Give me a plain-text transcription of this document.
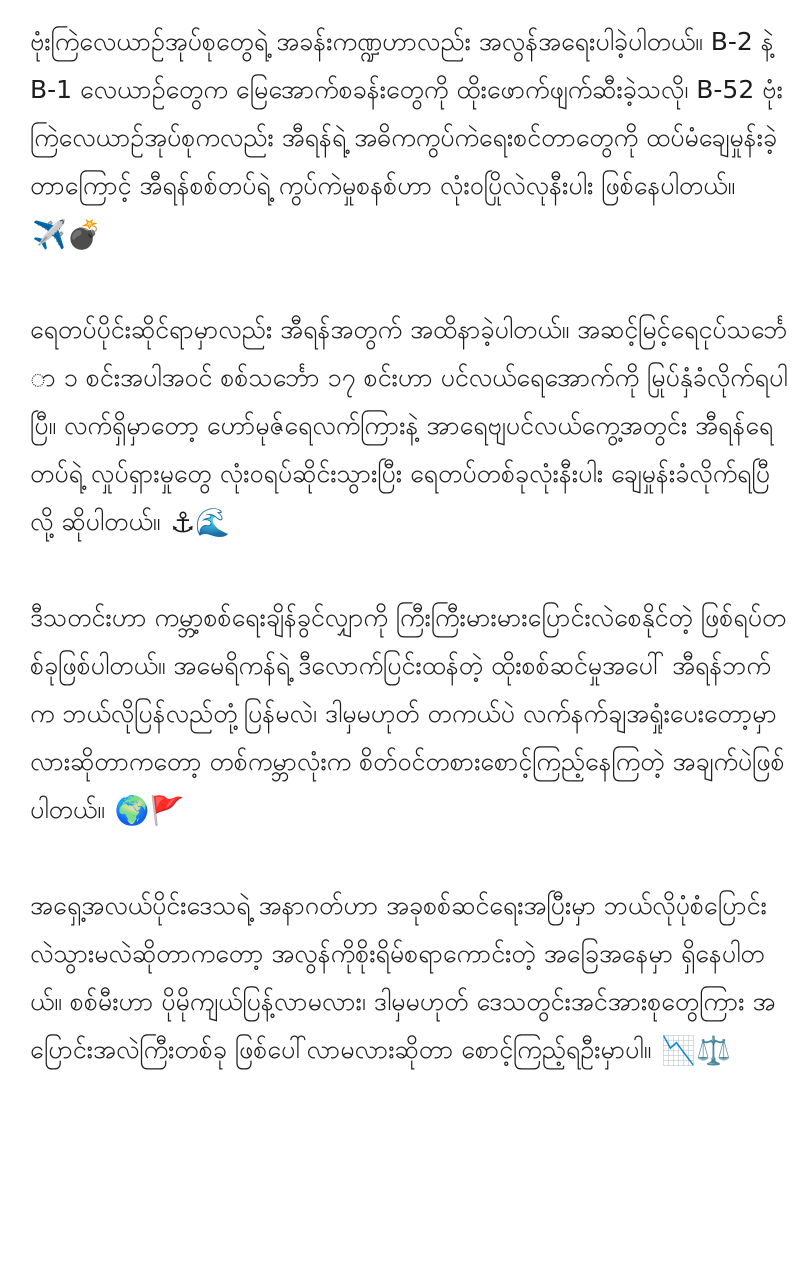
ဗုံးကြဲလေယာဉ်အုပ်စုတွေရဲ့ အခန်းကဏ္ဍဟာလည်း အလွန်အရေးပါခဲ့ပါတယ်။ B-2 နဲ့ B-1 လေယာဉ်တွေက မြေအောက်စခန်းတွေကို ထိုးဖောက်ဖျက်ဆီးခဲ့သလို၊ B-52 ဗုံးကြဲလေယာဉ်အုပ်စုကလည်း အီရန်ရဲ့ အဓိကကွပ်ကဲရေးစင်တာတွေကို ထပ်မံချေမှုန်းခဲ့တာကြောင့် အီရန်စစ်တပ်ရဲ့ ကွပ်ကဲမှုစနစ်ဟာ လုံးဝပြိုလဲလုနီးပါး ဖြစ်နေပါတယ်။ ✈️💣

ရေတပ်ပိုင်းဆိုင်ရာမှာလည်း အီရန်အတွက် အထိနာခဲ့ပါတယ်။ အဆင့်မြင့်ရေငုပ်သင်္ဘော ၁ စင်းအပါအဝင် စစ်သင်္ဘော ၁၇ စင်းဟာ ပင်လယ်ရေအောက်ကို မြုပ်နှံခံလိုက်ရပါပြီ။ လက်ရှိမှာတော့ ဟော်မုဇ်ရေလက်ကြားနဲ့ အာရေဗျပင်လယ်ကွေ့အတွင်း အီရန်ရေတပ်ရဲ့ လှုပ်ရှားမှုတွေ လုံးဝရပ်ဆိုင်းသွားပြီး ရေတပ်တစ်ခုလုံးနီးပါး ချေမှုန်းခံလိုက်ရပြီလို့ ဆိုပါတယ်။ ⚓🌊

ဒီသတင်းဟာ ကမ္ဘာ့စစ်ရေးချိန်ခွင်လျှာကို ကြီးကြီးမားမားပြောင်းလဲစေနိုင်တဲ့ ဖြစ်ရပ်တစ်ခုဖြစ်ပါတယ်။ အမေရိကန်ရဲ့ ဒီလောက်ပြင်းထန်တဲ့ ထိုးစစ်ဆင်မှုအပေါ် အီရန်ဘက်က ဘယ်လိုပြန်လည်တုံ့ပြန်မလဲ၊ ဒါမှမဟုတ် တကယ်ပဲ လက်နက်ချအရှုံးပေးတော့မှာလားဆိုတာကတော့ တစ်ကမ္ဘာလုံးက စိတ်ဝင်တစားစောင့်ကြည့်နေကြတဲ့ အချက်ပဲဖြစ်ပါတယ်။ 🌍🚩

အရှေ့အလယ်ပိုင်းဒေသရဲ့ အနာဂတ်ဟာ အခုစစ်ဆင်ရေးအပြီးမှာ ဘယ်လိုပုံစံပြောင်းလဲသွားမလဲဆိုတာကတော့ အလွန်ကိုစိုးရိမ်စရာကောင်းတဲ့ အခြေအနေမှာ ရှိနေပါတယ်။ စစ်မီးဟာ ပိုမိုကျယ်ပြန့်လာမလား၊ ဒါမှမဟုတ် ဒေသတွင်းအင်အားစုတွေကြား အပြောင်းအလဲကြီးတစ်ခု ဖြစ်ပေါ်လာမလားဆိုတာ စောင့်ကြည့်ရဦးမှာပါ။ 📉⚖️
